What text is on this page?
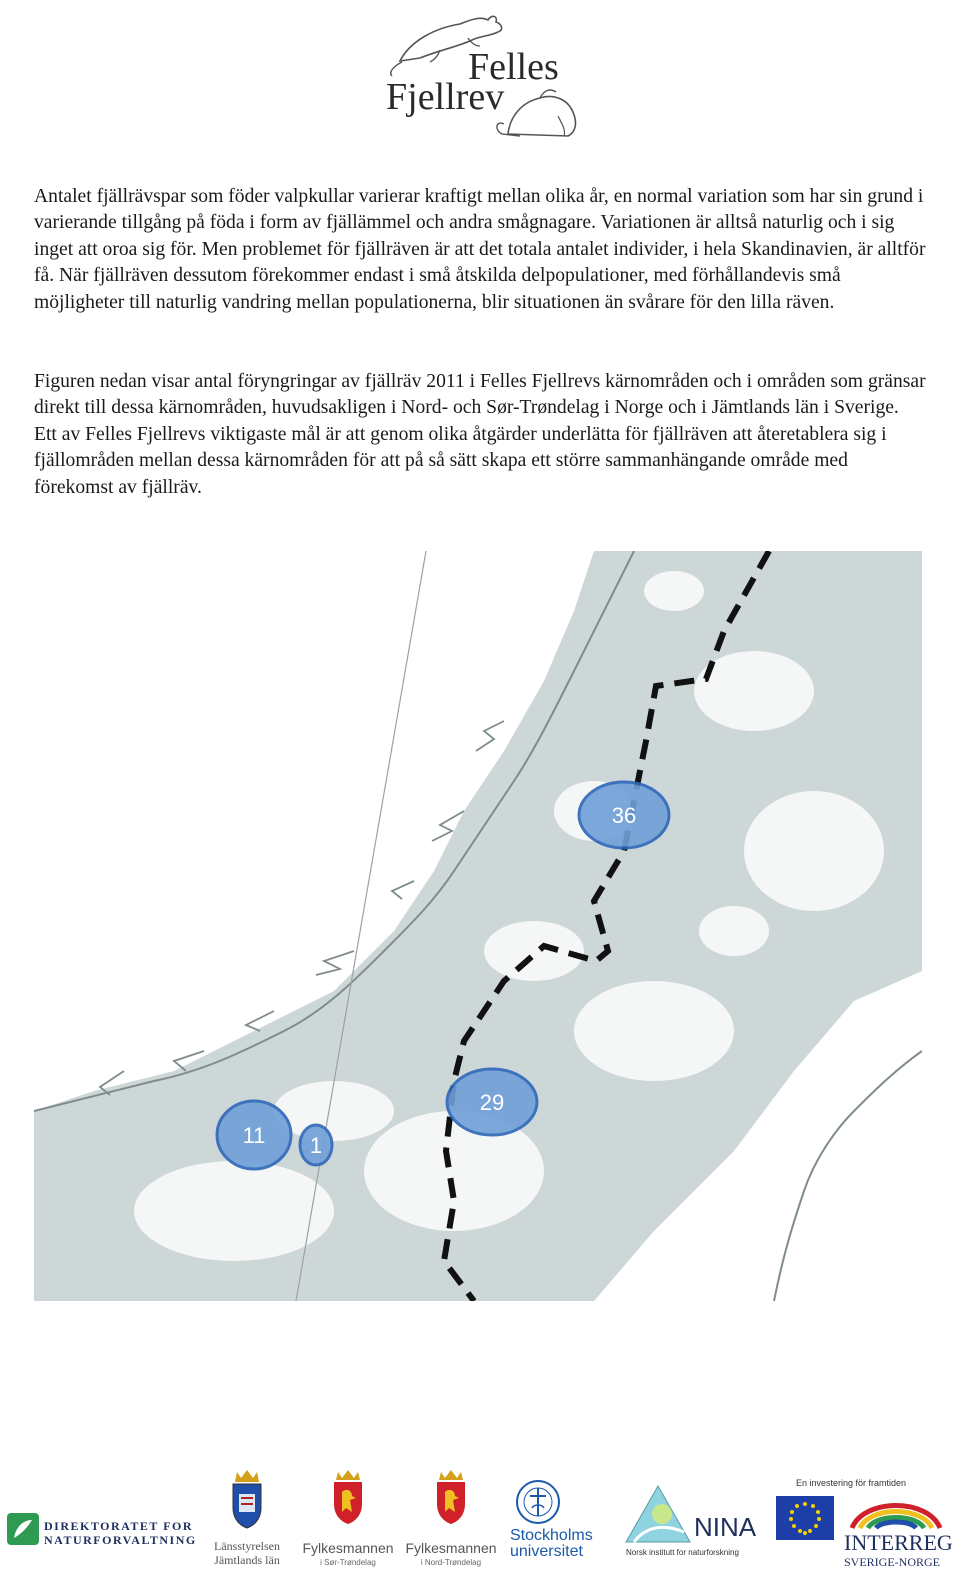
Felles
Fjellrev

Antalet fjällrävspar som föder valpkullar varierar kraftigt mellan olika år, en normal variation som har sin grund i varierande tillgång på föda i form av fjällämmel och andra smågnagare. Variationen är alltså naturlig och i sig inget att oroa sig för. Men problemet för fjällräven är att det totala antalet individer, i hela Skandinavien, är alltför få. När fjällräven dessutom förekommer endast i små åtskilda delpopulationer, med förhållandevis små möjligheter till naturlig vandring mellan populationerna, blir situationen än svårare för den lilla räven.

Figuren nedan visar antal föryngringar av fjällräv 2011 i Felles Fjellrevs kärnområden och i områden som gränsar direkt till dessa kärnområden, huvudsakligen i Nord- och Sør-Trøndelag i Norge och i Jämtlands län i Sverige. Ett av Felles Fjellrevs viktigaste mål är att genom olika åtgärder underlätta för fjällräven att återetablera sig i fjällområden mellan dessa kärnområden för att på så sätt skapa ett större sammanhängande område med förekomst av fjällräv.

36
29
11 1
DIREKTORATET FOR
NATURFORVALTNING	Länsstyrelsen
Jämtlands län
Fylkesmannen
i Sør-Trøndelag
Fylkesmannen
i Nord-Trøndelag
Stockholms
universitet
NINA
Norsk institutt for naturforskning
En investering för framtiden
INTERREG
SVERIGE-NORGE
